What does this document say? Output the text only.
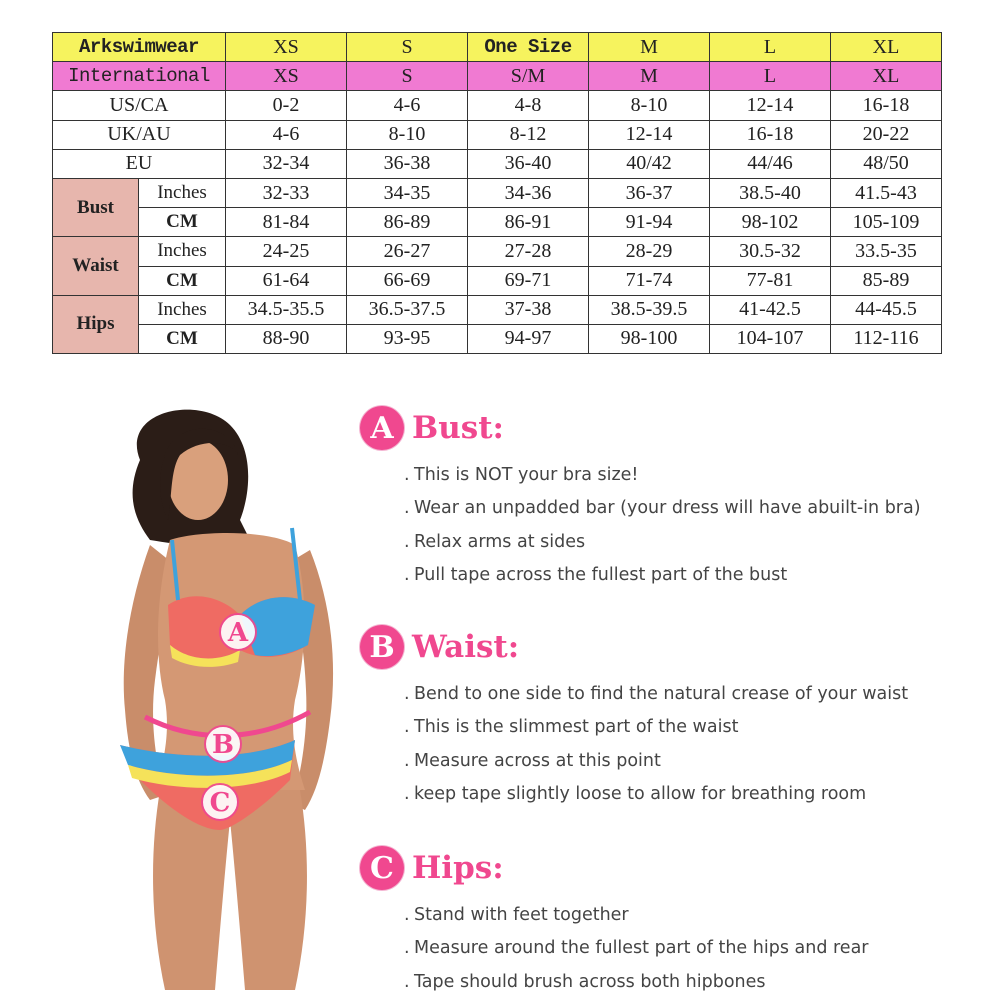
Arkswimwear		XS	S	One Size	M	L	XL
International		XS	S	S/M	M	L	XL
US/CA		0-2	4-6	4-8	8-10	12-14	16-18
UK/AU		4-6	8-10	8-12	12-14	16-18	20-22
EU		32-34	36-38	36-40	40/42	44/46	48/50
Bust	Inches	32-33	34-35	34-36	36-37	38.5-40	41.5-43
	CM	81-84	86-89	86-91	91-94	98-102	105-109
Waist	Inches	24-25	26-27	27-28	28-29	30.5-32	33.5-35
	CM	61-64	66-69	69-71	71-74	77-81	85-89
Hips	Inches	34.5-35.5	36.5-37.5	37-38	38.5-39.5	41-42.5	44-45.5
	CM	88-90	93-95	94-97	98-100	104-107	112-116
A
B
C
A Bust:
. This is NOT your bra size!
. Wear an unpadded bar (your dress will have abuilt-in bra)
. Relax arms at sides
. Pull tape across the fullest part of the bust
B Waist:
. Bend to one side to find the natural crease of your waist
. This is the slimmest part of the waist
. Measure across at this point
. keep tape slightly loose to allow for breathing room
C Hips:
. Stand with feet together
. Measure around the fullest part of the hips and rear
. Tape should brush across both hipbones
